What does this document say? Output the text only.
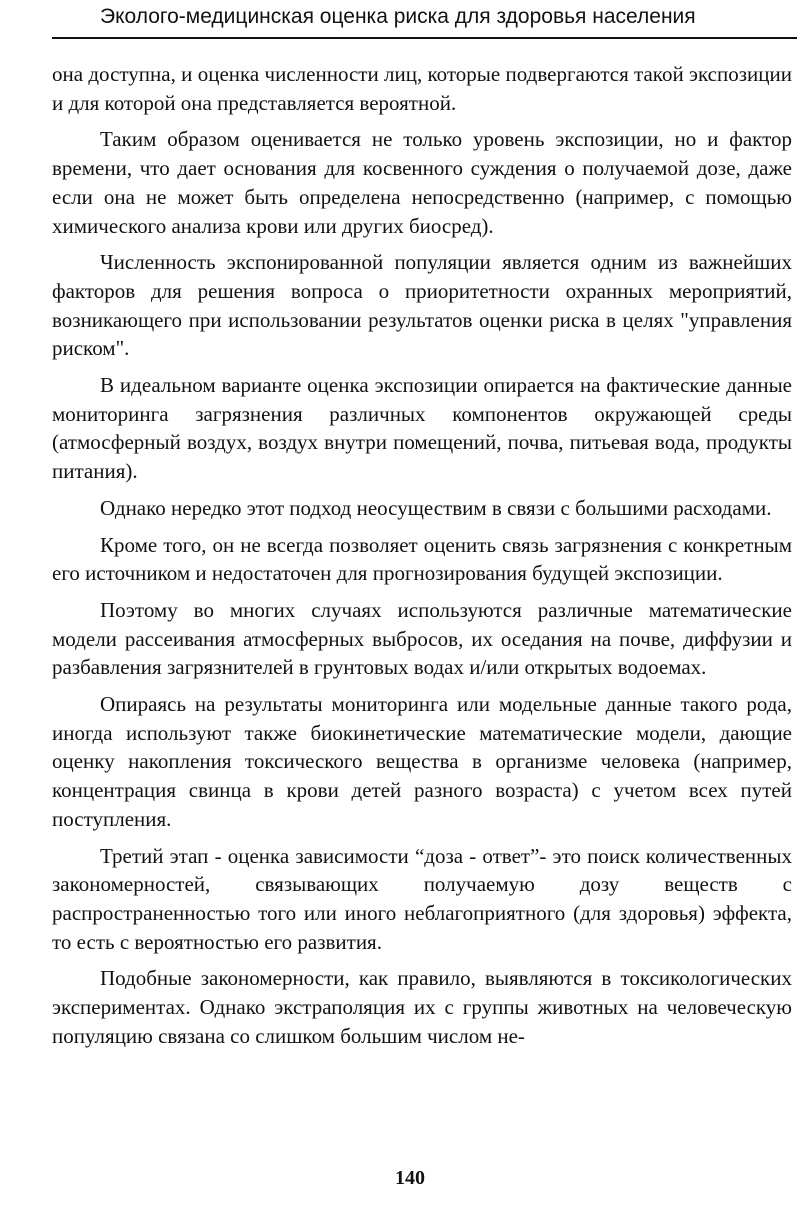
Эколого-медицинская оценка риска для здоровья населения

она доступна, и оценка численности лиц, которые подвергаются такой экспозиции и для которой она представляется вероятной.

Таким образом оценивается не только уровень экспозиции, но и фактор времени, что дает основания для косвенного суждения о получаемой дозе, даже если она не может быть определена непосредственно (например, с помощью химического анализа крови или других биосред).

Численность экспонированной популяции является одним из важнейших факторов для решения вопроса о приоритетности охранных мероприятий, возникающего при использовании результатов оценки риска в целях "управления риском".

В идеальном варианте оценка экспозиции опирается на фактические данные мониторинга загрязнения различных компонентов окружающей среды (атмосферный воздух, воздух внутри помещений, почва, питьевая вода, продукты питания).

Однако нередко этот подход неосуществим в связи с большими расходами.

Кроме того, он не всегда позволяет оценить связь загрязнения с конкретным его источником и недостаточен для прогнозирования будущей экспозиции.

Поэтому во многих случаях используются различные математические модели рассеивания атмосферных выбросов, их оседания на почве, диффузии и разбавления загрязнителей в грунтовых водах и/или открытых водоемах.

Опираясь на результаты мониторинга или модельные данные такого рода, иногда используют также биокинетические математические модели, дающие оценку накопления токсического вещества в организме человека (например, концентрация свинца в крови детей разного возраста) с учетом всех путей поступления.

Третий этап - оценка зависимости “доза - ответ”- это поиск количественных закономерностей, связывающих получаемую дозу веществ с распространенностью того или иного неблагоприятного (для здоровья) эффекта, то есть с вероятностью его развития.

Подобные закономерности, как правило, выявляются в токсикологических экспериментах. Однако экстраполяция их с группы животных на человеческую популяцию связана со слишком большим числом не-

140
